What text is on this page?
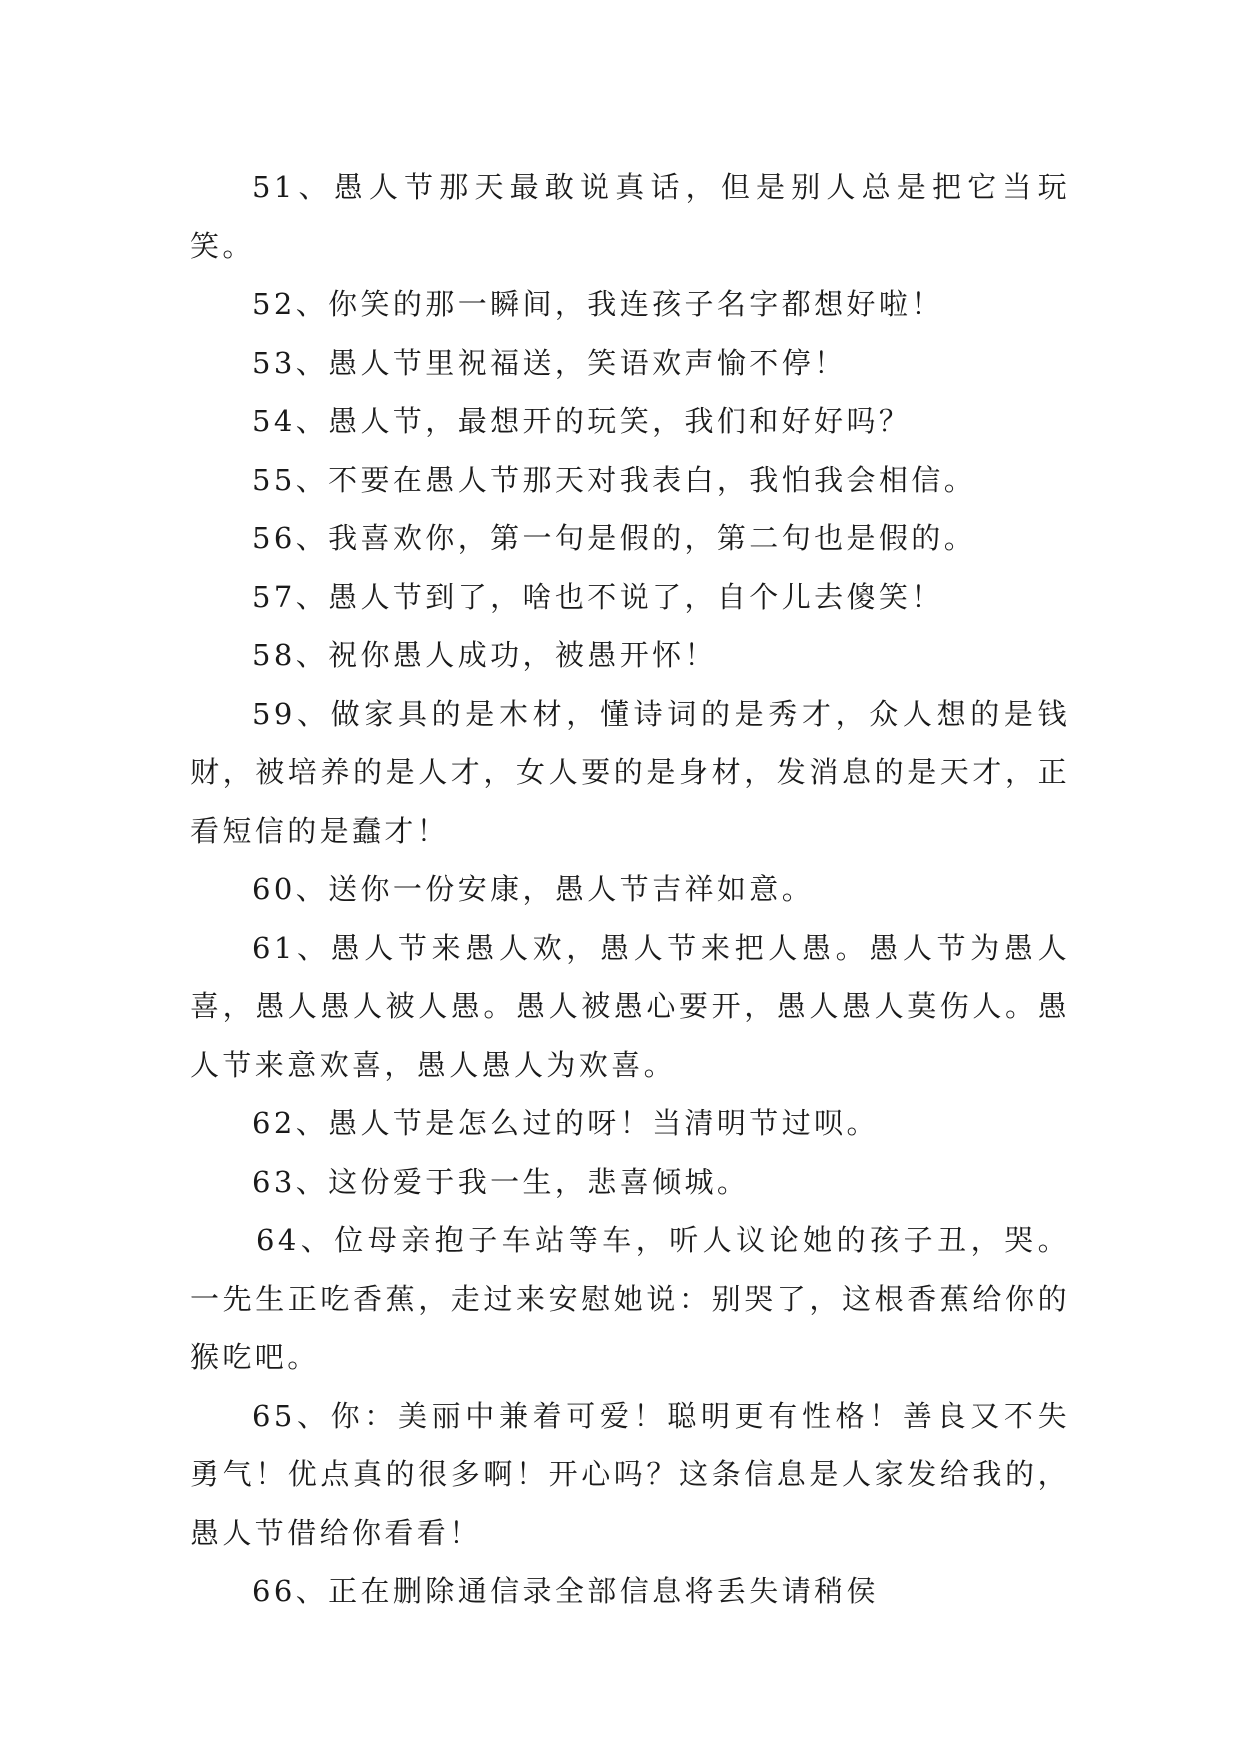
51、愚人节那天最敢说真话，但是别人总是把它当玩笑。

52、你笑的那一瞬间，我连孩子名字都想好啦！

53、愚人节里祝福送，笑语欢声愉不停！

54、愚人节，最想开的玩笑，我们和好好吗？

55、不要在愚人节那天对我表白，我怕我会相信。

56、我喜欢你，第一句是假的，第二句也是假的。

57、愚人节到了，啥也不说了，自个儿去傻笑！

58、祝你愚人成功，被愚开怀！

59、做家具的是木材，懂诗词的是秀才，众人想的是钱财，被培养的是人才，女人要的是身材，发消息的是天才，正看短信的是蠢才！

60、送你一份安康，愚人节吉祥如意。

61、愚人节来愚人欢，愚人节来把人愚。愚人节为愚人喜，愚人愚人被人愚。愚人被愚心要开，愚人愚人莫伤人。愚人节来意欢喜，愚人愚人为欢喜。

62、愚人节是怎么过的呀！当清明节过呗。

63、这份爱于我一生，悲喜倾城。

64、位母亲抱子车站等车，听人议论她的孩子丑，哭。一先生正吃香蕉，走过来安慰她说：别哭了，这根香蕉给你的猴吃吧。

65、你：美丽中兼着可爱！聪明更有性格！善良又不失勇气！优点真的很多啊！开心吗？这条信息是人家发给我的，愚人节借给你看看！

66、正在删除通信录全部信息将丢失请稍侯
